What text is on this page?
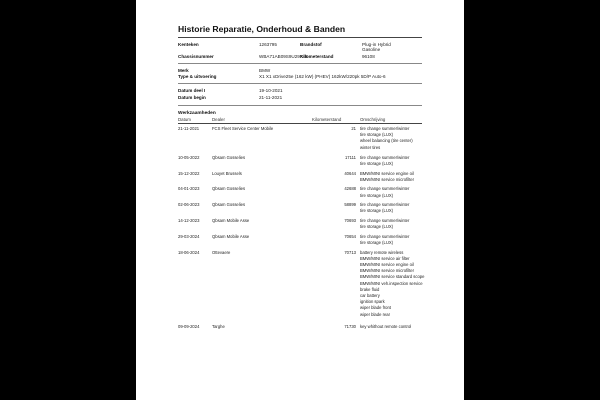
Historie Reparatie, Onderhoud & Banden
Kenteken	1263795	Brandstof	Plug-in Hybrid
Gasoline
Chassisnummer	WBA71AB09S9U29748
Kilometerstand	96108
Merk	BMW
Type & uitvoering	X1 X1 xDrive25e (162 kW) (PHEV) 162kW/220pk 5D/P Auto-6
Datum deel I	19-10-2021
Datum begin	21-11-2021
Werkzaamheden
Datum	Dealer	Kilometerstand	Omschrijving
21-11-2021	FCS Fleet Service Center Mobile	21 tire change summer/winter
tire storage (LUX)
wheel balancing (tire center)
winter tires
10-05-2022	Qbsam Gosselies	17111 tire change summer/winter
tire storage (LUX)
15-12-2022	Louyet Brussels	40644 BMW/MINI service engine oil
BMW/MINI service microfilter
04-01-2023	Qbsam Gosselies	42688 tire change summer/winter
tire storage (LUX)
02-06-2023	Qbsam Gosselies	58899 tire change summer/winter
tire storage (LUX)
14-12-2023	Qbsam Mobile Asse	70693 tire change summer/winter
tire storage (LUX)
29-03-2024	Qbsam Mobile Asse	70654 tire change summer/winter
tire storage (LUX)
18-06-2024	Ottevaere	70713 battery remote wireless
BMW/MINI service air filter
BMW/MINI service engine oil
BMW/MINI service microfilter
BMW/MINI service standard scope
BMW/MINI veh.inspection service
brake fluid
car battery
ignition spark
wiper blade front
wiper blade rear
09-09-2024	Targhe	71730 key whithout remote control
